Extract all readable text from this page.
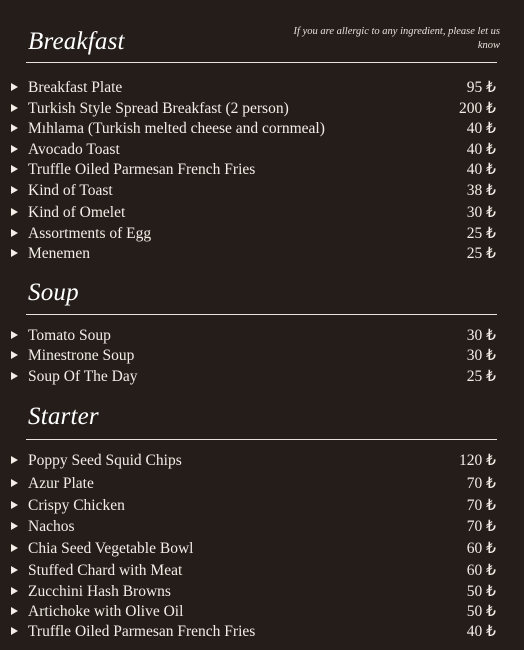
Breakfast	If you are allergic to any ingredient, please let us know
Breakfast Plate	95 ₺
Turkish Style Spread Breakfast (2 person)	200 ₺
Mıhlama (Turkish melted cheese and cornmeal)	40 ₺
Avocado Toast	40 ₺
Truffle Oiled Parmesan French Fries	40 ₺
Kind of Toast	38 ₺
Kind of Omelet	30 ₺
Assortments of Egg	25 ₺
Menemen	25 ₺
Soup
Tomato Soup	30 ₺
Minestrone Soup	30 ₺
Soup Of The Day	25 ₺
Starter
Poppy Seed Squid Chips	120 ₺
Azur Plate	70 ₺
Crispy Chicken	70 ₺
Nachos	70 ₺
Chia Seed Vegetable Bowl	60 ₺
Stuffed Chard with Meat	60 ₺
Zucchini Hash Browns	50 ₺
Artichoke with Olive Oil	50 ₺
Truffle Oiled Parmesan French Fries	40 ₺
